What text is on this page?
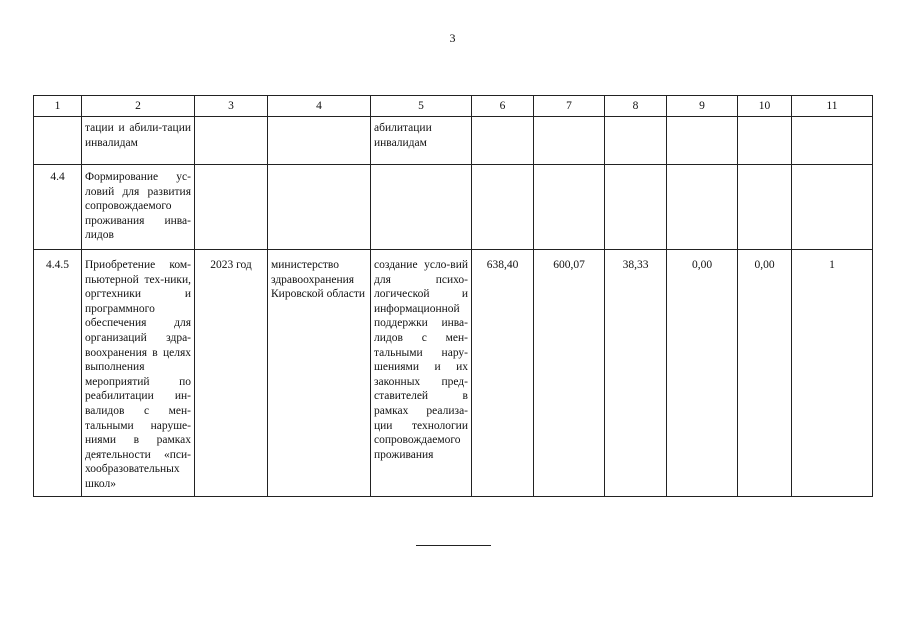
3
1	2	3	4	5	6	7	8	9	10	11
	тации и абили-тации инвалидам			абилитации инвалидам						
4.4	Формирование ус-ловий для развития сопровождаемого проживания инва-лидов									
4.4.5	Приобретение ком-пьютерной тех-ники, оргтехники и программного обеспечения для организаций здра-воохранения в целях выполнения мероприятий по реабилитации ин-валидов с мен-тальными наруше-ниями в рамках деятельности «пси-хообразовательных школ»	2023 год	министерство здравоохранения Кировской области	создание усло-вий для психо-логической и информационной поддержки инва-лидов с мен-тальными нару-шениями и их законных пред-ставителей в рамках реализа-ции технологии сопровождаемого проживания	638,40	600,07	38,33	0,00	0,00	1
